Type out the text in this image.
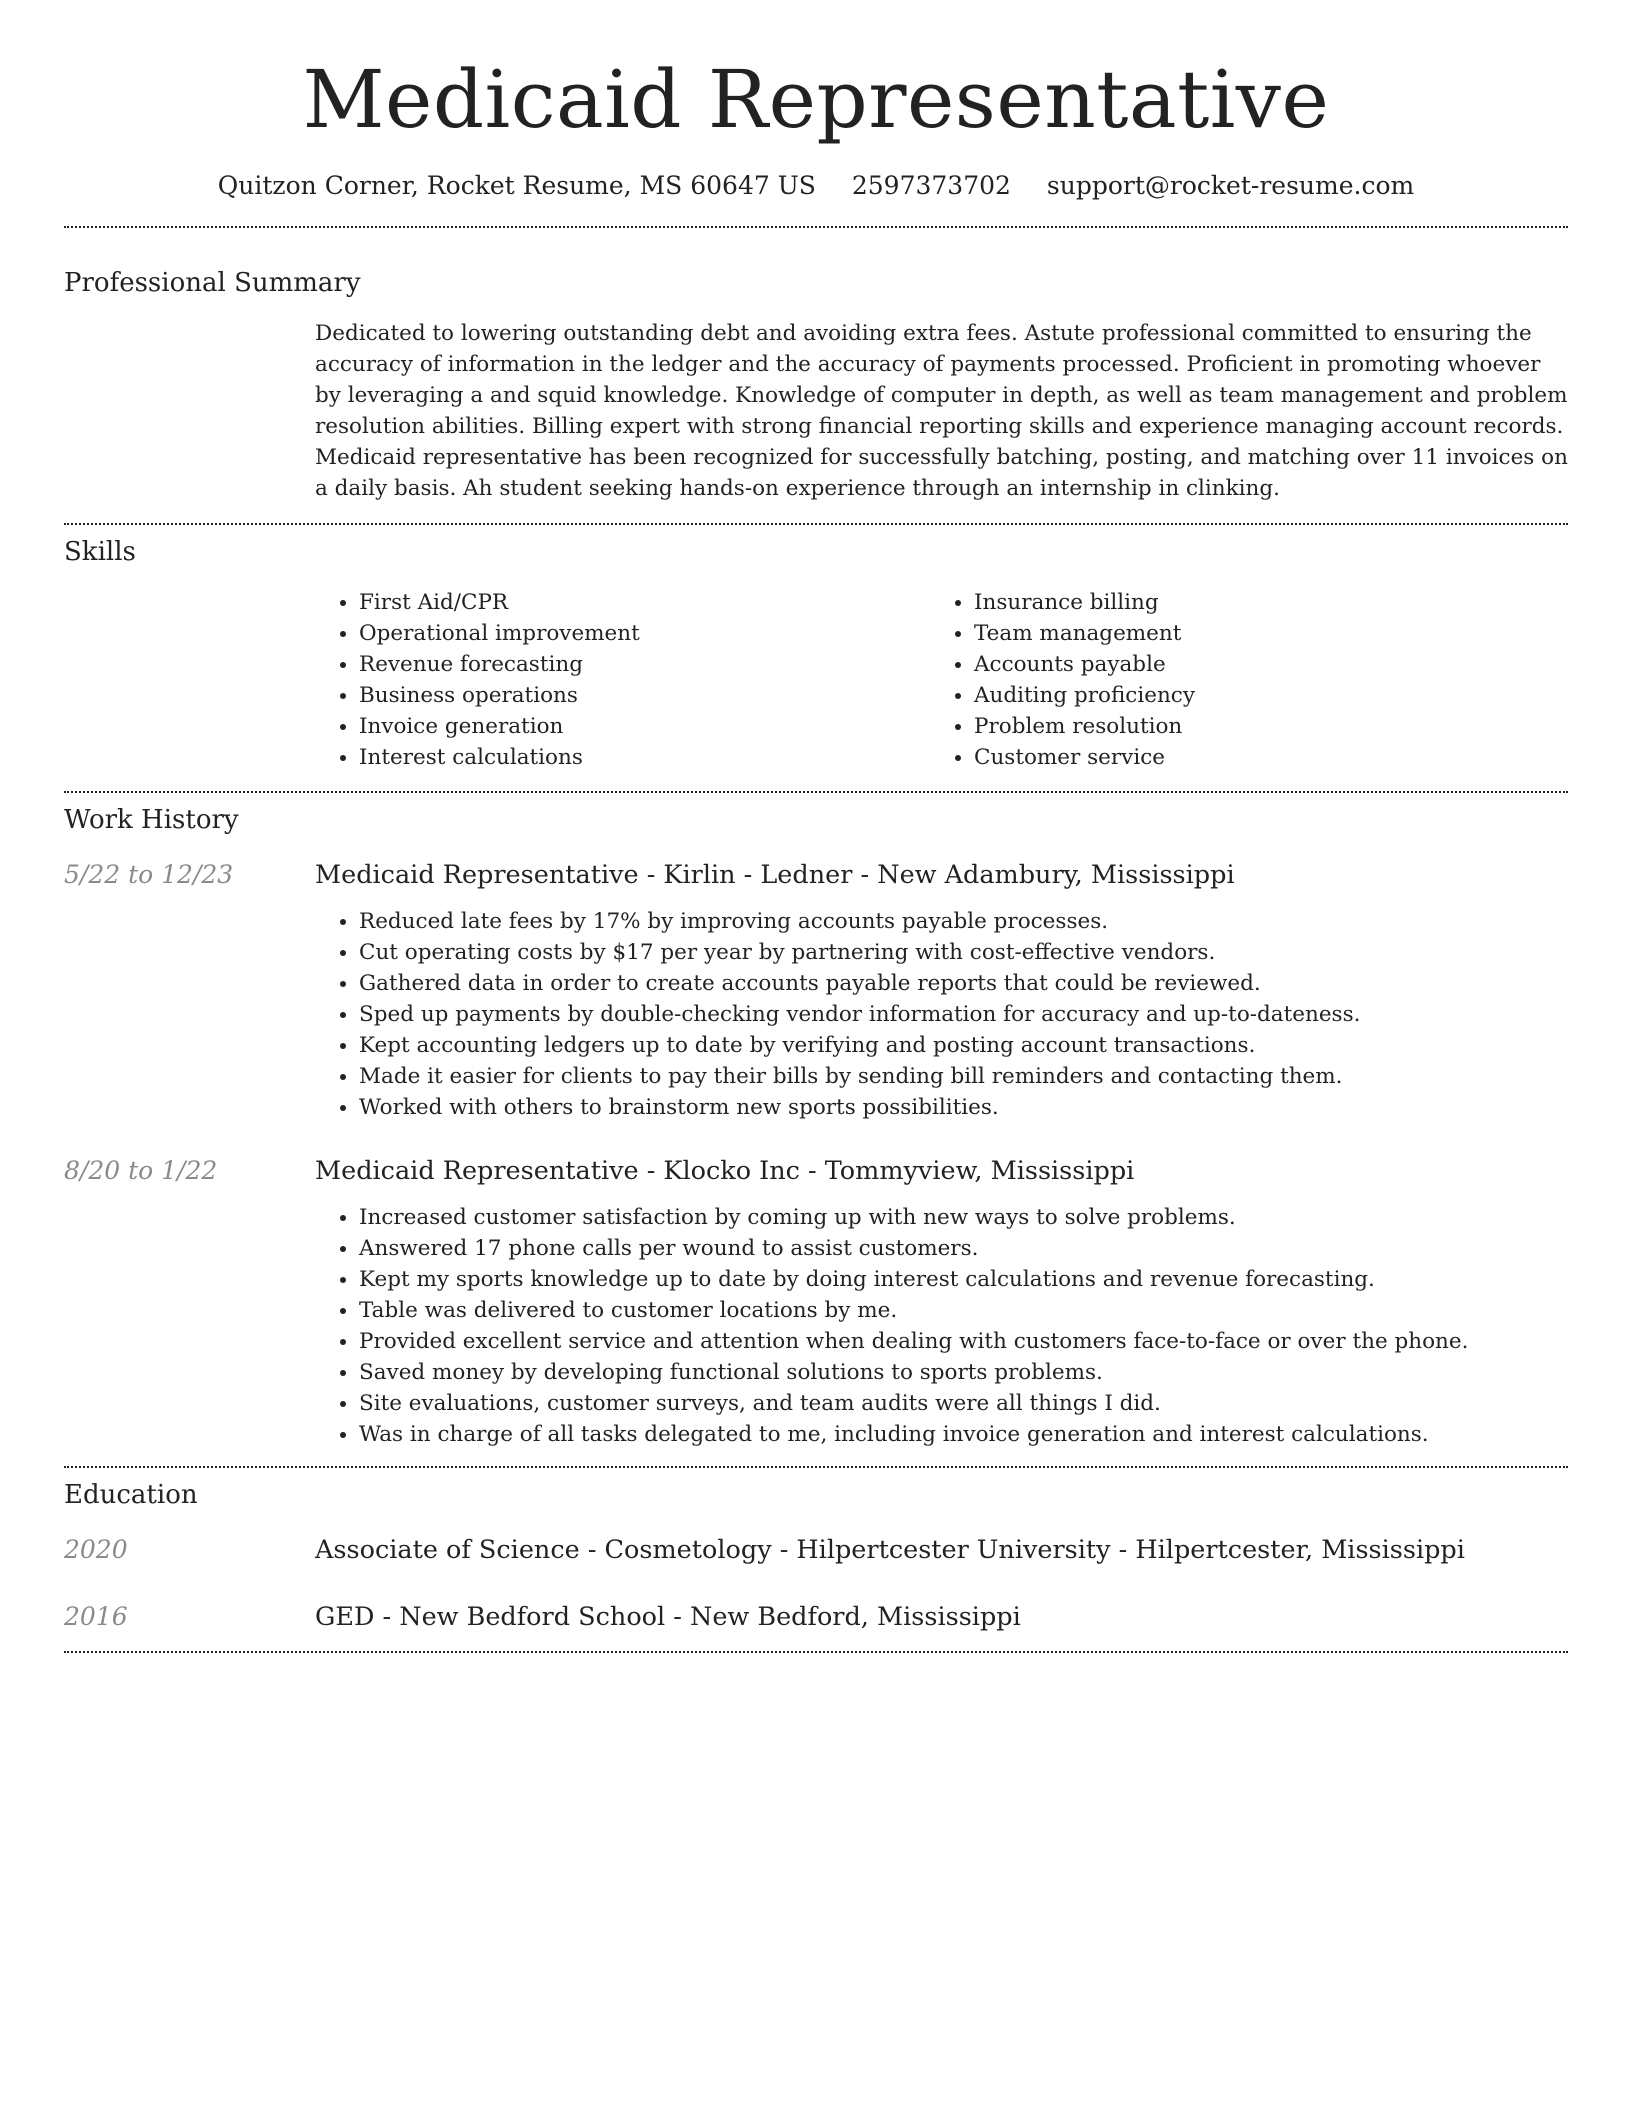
Medicaid Representative
Quitzon Corner, Rocket Resume, MS 60647 US 2597373702 support@rocket-resume.com
Professional Summary

Dedicated to lowering outstanding debt and avoiding extra fees. Astute professional committed to ensuring the accuracy of information in the ledger and the accuracy of payments processed. Proficient in promoting whoever by leveraging a and squid knowledge. Knowledge of computer in depth, as well as team management and problem resolution abilities. Billing expert with strong financial reporting skills and experience managing account records. Medicaid representative has been recognized for successfully batching, posting, and matching over 11 invoices on a daily basis. Ah student seeking hands-on experience through an internship in clinking.

Skills
• First Aid/CPR
• Operational improvement
• Revenue forecasting
• Business operations
• Invoice generation
• Interest calculations
• Insurance billing
• Team management
• Accounts payable
• Auditing proficiency
• Problem resolution
• Customer service
Work History
5/22 to 12/23	Medicaid Representative - Kirlin - Ledner - New Adambury, Mississippi
• Reduced late fees by 17% by improving accounts payable processes.
• Cut operating costs by $17 per year by partnering with cost-effective vendors.
• Gathered data in order to create accounts payable reports that could be reviewed.
• Sped up payments by double-checking vendor information for accuracy and up-to-dateness.
• Kept accounting ledgers up to date by verifying and posting account transactions.
• Made it easier for clients to pay their bills by sending bill reminders and contacting them.
• Worked with others to brainstorm new sports possibilities.
8/20 to 1/22	Medicaid Representative - Klocko Inc - Tommyview, Mississippi
• Increased customer satisfaction by coming up with new ways to solve problems.
• Answered 17 phone calls per wound to assist customers.
• Kept my sports knowledge up to date by doing interest calculations and revenue forecasting.
• Table was delivered to customer locations by me.
• Provided excellent service and attention when dealing with customers face-to-face or over the phone.
• Saved money by developing functional solutions to sports problems.
• Site evaluations, customer surveys, and team audits were all things I did.
• Was in charge of all tasks delegated to me, including invoice generation and interest calculations.
Education
2020	Associate of Science - Cosmetology - Hilpertcester University - Hilpertcester, Mississippi
2016	GED - New Bedford School - New Bedford, Mississippi
